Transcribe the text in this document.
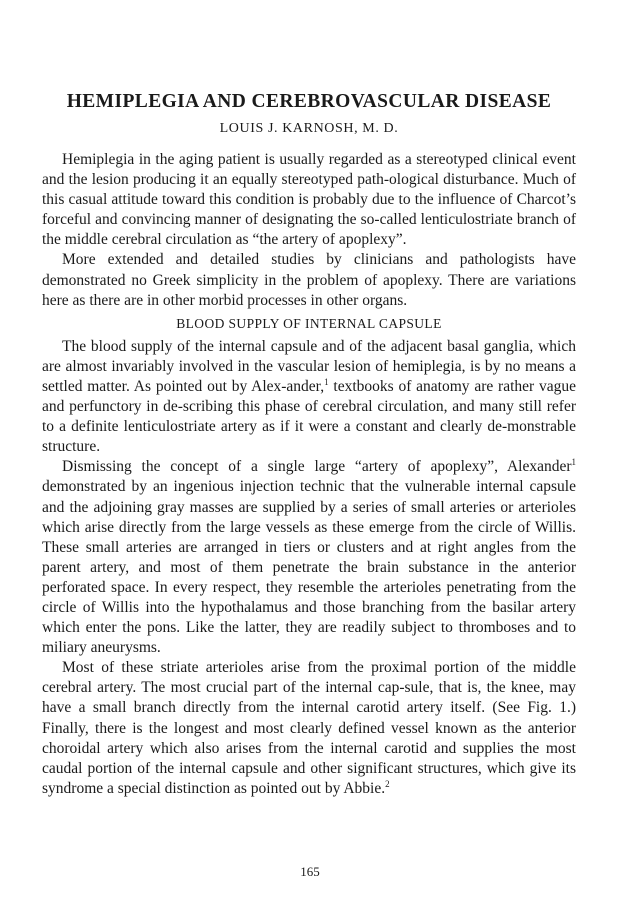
HEMIPLEGIA AND CEREBROVASCULAR DISEASE
LOUIS J. KARNOSH, M. D.

Hemiplegia in the aging patient is usually regarded as a stereotyped clinical event and the lesion producing it an equally stereotyped path-ological disturbance. Much of this casual attitude toward this condition is probably due to the influence of Charcot’s forceful and convincing manner of designating the so-called lenticulostriate branch of the middle cerebral circulation as “the artery of apoplexy”.

More extended and detailed studies by clinicians and pathologists have demonstrated no Greek simplicity in the problem of apoplexy. There are variations here as there are in other morbid processes in other organs.

BLOOD SUPPLY OF INTERNAL CAPSULE

The blood supply of the internal capsule and of the adjacent basal ganglia, which are almost invariably involved in the vascular lesion of hemiplegia, is by no means a settled matter. As pointed out by Alex-ander,$^1$ textbooks of anatomy are rather vague and perfunctory in de-scribing this phase of cerebral circulation, and many still refer to a definite lenticulostriate artery as if it were a constant and clearly de-monstrable structure.

Dismissing the concept of a single large “artery of apoplexy”, Alexander$^1$ demonstrated by an ingenious injection technic that the vulnerable internal capsule and the adjoining gray masses are supplied by a series of small arteries or arterioles which arise directly from the large vessels as these emerge from the circle of Willis. These small arteries are arranged in tiers or clusters and at right angles from the parent artery, and most of them penetrate the brain substance in the anterior perforated space. In every respect, they resemble the arterioles penetrating from the circle of Willis into the hypothalamus and those branching from the basilar artery which enter the pons. Like the latter, they are readily subject to thromboses and to miliary aneurysms.

Most of these striate arterioles arise from the proximal portion of the middle cerebral artery. The most crucial part of the internal cap-sule, that is, the knee, may have a small branch directly from the internal carotid artery itself. (See Fig. 1.) Finally, there is the longest and most clearly defined vessel known as the anterior choroidal artery which also arises from the internal carotid and supplies the most caudal portion of the internal capsule and other significant structures, which give its syndrome a special distinction as pointed out by Abbie.$^2$

165
